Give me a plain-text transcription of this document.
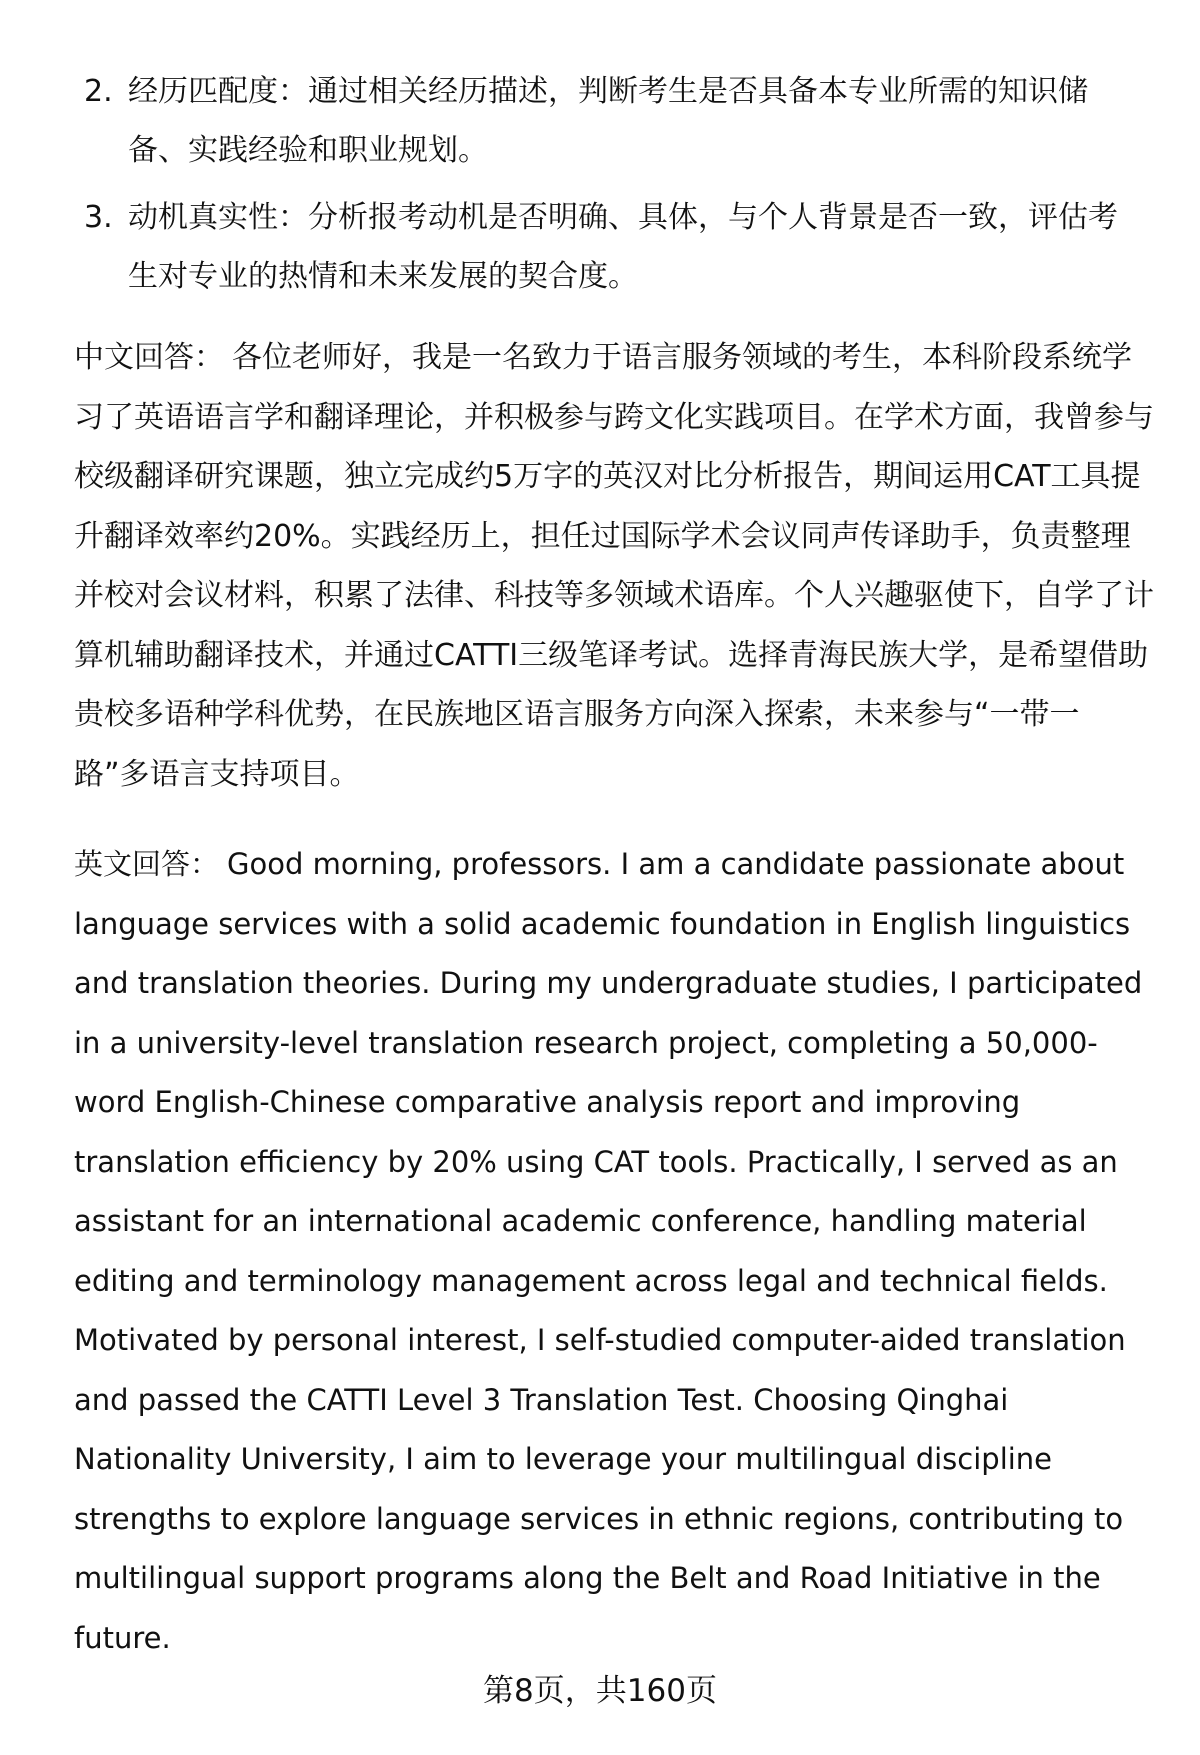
2. 经历匹配度：通过相关经历描述，判断考生是否具备本专业所需的知识储备、实践经验和职业规划。
3. 动机真实性：分析报考动机是否明确、具体，与个人背景是否一致，评估考生对专业的热情和未来发展的契合度。

中文回答： 各位老师好，我是一名致力于语言服务领域的考生，本科阶段系统学习了英语语言学和翻译理论，并积极参与跨文化实践项目。在学术方面，我曾参与校级翻译研究课题，独立完成约5万字的英汉对比分析报告，期间运用CAT工具提升翻译效率约20%。实践经历上，担任过国际学术会议同声传译助手，负责整理并校对会议材料，积累了法律、科技等多领域术语库。个人兴趣驱使下，自学了计算机辅助翻译技术，并通过CATTI三级笔译考试。选择青海民族大学，是希望借助贵校多语种学科优势，在民族地区语言服务方向深入探索，未来参与“一带一路”多语言支持项目。

英文回答： Good morning, professors. I am a candidate passionate about language services with a solid academic foundation in English linguistics and translation theories. During my undergraduate studies, I participated in a university-level translation research project, completing a 50,000-word English-Chinese comparative analysis report and improving translation efficiency by 20% using CAT tools. Practically, I served as an assistant for an international academic conference, handling material editing and terminology management across legal and technical fields. Motivated by personal interest, I self-studied computer-aided translation and passed the CATTI Level 3 Translation Test. Choosing Qinghai Nationality University, I aim to leverage your multilingual discipline strengths to explore language services in ethnic regions, contributing to multilingual support programs along the Belt and Road Initiative in the future.

第8页，共160页
